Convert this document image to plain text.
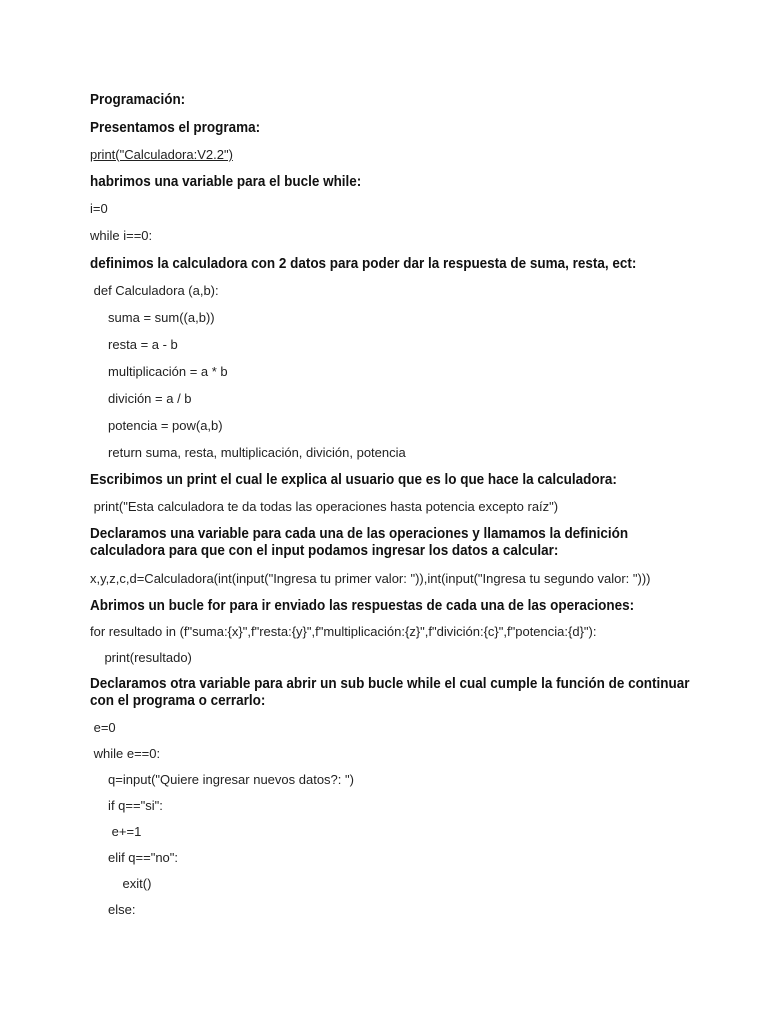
Programación:
Presentamos el programa:
print("Calculadora:V2.2")
habrimos una variable para el bucle while:
i=0
while i==0:
definimos la calculadora con 2 datos para poder dar la respuesta de suma, resta, ect:
def Calculadora (a,b):
suma = sum((a,b))
resta = a - b
multiplicación = a * b
divición = a / b
potencia = pow(a,b)
return suma, resta, multiplicación, divición, potencia
Escribimos un print el cual le explica al usuario que es lo que hace la calculadora:
print("Esta calculadora te da todas las operaciones hasta potencia excepto raíz")
Declaramos una variable para cada una de las operaciones y llamamos la definición calculadora para que con el input podamos ingresar los datos a calcular:
x,y,z,c,d=Calculadora(int(input("Ingresa tu primer valor: ")),int(input("Ingresa tu segundo valor: ")))
Abrimos un bucle for para ir enviado las respuestas de cada una de las operaciones:
for resultado in (f"suma:{x}",f"resta:{y}",f"multiplicación:{z}",f"divición:{c}",f"potencia:{d}"):
print(resultado)
Declaramos otra variable para abrir un sub bucle while el cual cumple la función de continuar con el programa o cerrarlo:
e=0
while e==0:
q=input("Quiere ingresar nuevos datos?: ")
if q=="si":
e+=1
elif q=="no":
exit()
else:
